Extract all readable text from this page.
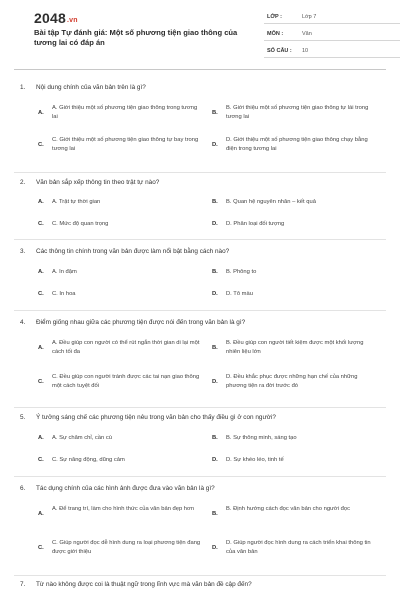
2048.vn
Bài tập Tự đánh giá: Một số phương tiện giao thông của tương lai có đáp án
LỚP :	Lớp 7
MÔN :	Văn
SỐ CÂU : 10
1. Nội dung chính của văn bản trên là gì?
A.
A. Giới thiệu một số phương tiện giao thông trong tương lai
B.
B. Giới thiệu một số phương tiện giao thông tự lái trong tương lai
C.
C. Giới thiệu một số phương tiện giao thông tự bay trong tương lai
D.
D. Giới thiệu một số phương tiện giao thông chạy bằng điện trong tương lai
2. Văn bản sắp xếp thông tin theo trật tự nào?
A. A. Trật tự thời gian	B. B. Quan hệ nguyên nhân – kết quả
C. C. Mức độ quan trọng	D. D. Phân loại đối tượng
3. Các thông tin chính trong văn bản được làm nổi bật bằng cách nào?
A. A. In đậm	B. B. Phông to
C. C. In hoa	D. D. Tô màu
4. Điểm giống nhau giữa các phương tiện được nói đến trong văn bản là gì?
A.
A. Đều giúp con người có thể rút ngắn thời gian di lại một cách tối đa
B.
B. Đều giúp con người tiết kiệm được một khối lượng nhiên liệu lớn
C.
C. Đều giúp con người tránh được các tai nạn giao thông một cách tuyệt đối
D.
D. Đều khắc phục được những hạn chế của những phương tiện ra đời trước đó
5. Ý tưởng sáng chế các phương tiện nêu trong văn bản cho thấy điều gì ở con người?
A. A. Sự chăm chỉ, cần cù	B. B. Sự thông minh, sáng tạo
C. C. Sự năng động, dũng cảm	D. D. Sự khéo léo, tinh tế
6. Tác dụng chính của các hình ảnh được đưa vào văn bản là gì?
A.
A. Để trang trí, làm cho hình thức của văn bản đẹp hơn
B.
B. Định hướng cách đọc văn bản cho người đọc
C.
C. Giúp người đọc dễ hình dung ra loại phương tiện đang được giới thiệu
D.
D. Giúp người đọc hình dung ra cách triển khai thông tin của văn bản
7. Từ nào không được coi là thuật ngữ trong lĩnh vực mà văn bản đề cập đến?
